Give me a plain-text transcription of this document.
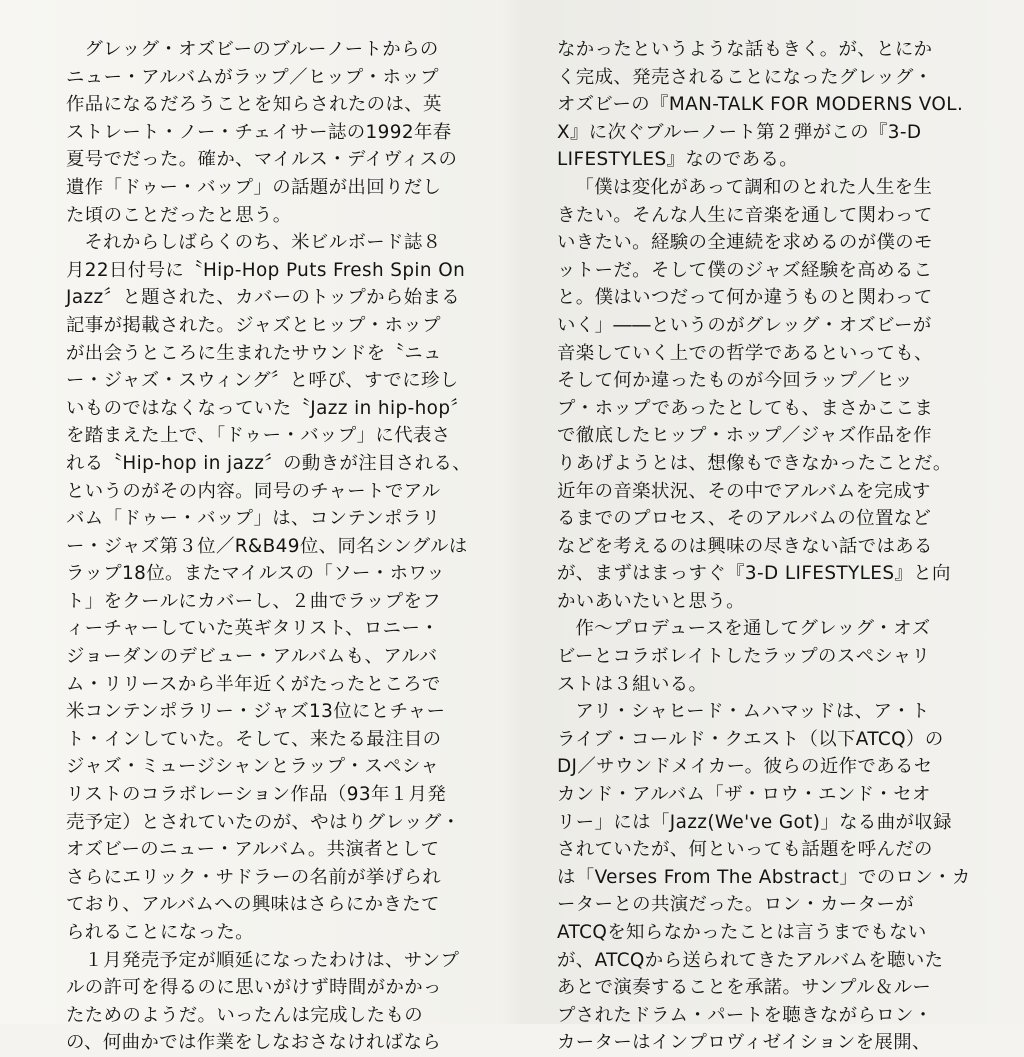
グレッグ・オズビーのブルーノートからの
ニュー・アルバムがラップ／ヒップ・ホップ
作品になるだろうことを知らされたのは、英
ストレート・ノー・チェイサー誌の1992年春
夏号でだった。確か、マイルス・デイヴィスの
遺作「ドゥー・バップ」の話題が出回りだし
た頃のことだったと思う。
それからしばらくのち、米ビルボード誌８
月22日付号に〝Hip-Hop Puts Fresh Spin On
Jazz〞と題された、カバーのトップから始まる
記事が掲載された。ジャズとヒップ・ホップ
が出会うところに生まれたサウンドを〝ニュ
ー・ジャズ・スウィング〞と呼び、すでに珍し
いものではなくなっていた〝Jazz in hip-hop〞
を踏まえた上で、「ドゥー・バップ」に代表さ
れる〝Hip-hop in jazz〞の動きが注目される、
というのがその内容。同号のチャートでアル
バム「ドゥー・バップ」は、コンテンポラリ
ー・ジャズ第３位／R&B49位、同名シングルは
ラップ18位。またマイルスの「ソー・ホワッ
ト」をクールにカバーし、２曲でラップをフ
ィーチャーしていた英ギタリスト、ロニー・
ジョーダンのデビュー・アルバムも、アルバ
ム・リリースから半年近くがたったところで
米コンテンポラリー・ジャズ13位にとチャー
ト・インしていた。そして、来たる最注目の
ジャズ・ミュージシャンとラップ・スペシャ
リストのコラボレーション作品（93年１月発
売予定）とされていたのが、やはりグレッグ・
オズビーのニュー・アルバム。共演者として
さらにエリック・サドラーの名前が挙げられ
ており、アルバムへの興味はさらにかきたて
られることになった。
１月発売予定が順延になったわけは、サンプ
ルの許可を得るのに思いがけず時間がかかっ
たためのようだ。いったんは完成したもの
の、何曲かでは作業をしなおさなければなら
なかったというような話もきく。が、とにか
く完成、発売されることになったグレッグ・
オズビーの『MAN-TALK FOR MODERNS VOL.
X』に次ぐブルーノート第２弾がこの『3-D
LIFESTYLES』なのである。
「僕は変化があって調和のとれた人生を生
きたい。そんな人生に音楽を通して関わって
いきたい。経験の全連続を求めるのが僕のモ
ットーだ。そして僕のジャズ経験を高めるこ
と。僕はいつだって何か違うものと関わって
いく」――というのがグレッグ・オズビーが
音楽していく上での哲学であるといっても、
そして何か違ったものが今回ラップ／ヒッ
プ・ホップであったとしても、まさかここま
で徹底したヒップ・ホップ／ジャズ作品を作
りあげようとは、想像もできなかったことだ。
近年の音楽状況、その中でアルバムを完成す
るまでのプロセス、そのアルバムの位置など
などを考えるのは興味の尽きない話ではある
が、まずはまっすぐ『3-D LIFESTYLES』と向
かいあいたいと思う。
作～プロデュースを通してグレッグ・オズ
ビーとコラボレイトしたラップのスペシャリ
ストは３組いる。
アリ・シャヒード・ムハマッドは、ア・ト
ライブ・コールド・クエスト（以下ATCQ）の
DJ／サウンドメイカー。彼らの近作であるセ
カンド・アルバム「ザ・ロウ・エンド・セオ
リー」には「Jazz(We've Got)」なる曲が収録
されていたが、何といっても話題を呼んだの
は「Verses From The Abstract」でのロン・カ
ーターとの共演だった。ロン・カーターが
ATCQを知らなかったことは言うまでもない
が、ATCQから送られてきたアルバムを聴いた
あとで演奏することを承諾。サンプル＆ルー
プされたドラム・パートを聴きながらロン・
カーターはインプロヴィゼイションを展開、
